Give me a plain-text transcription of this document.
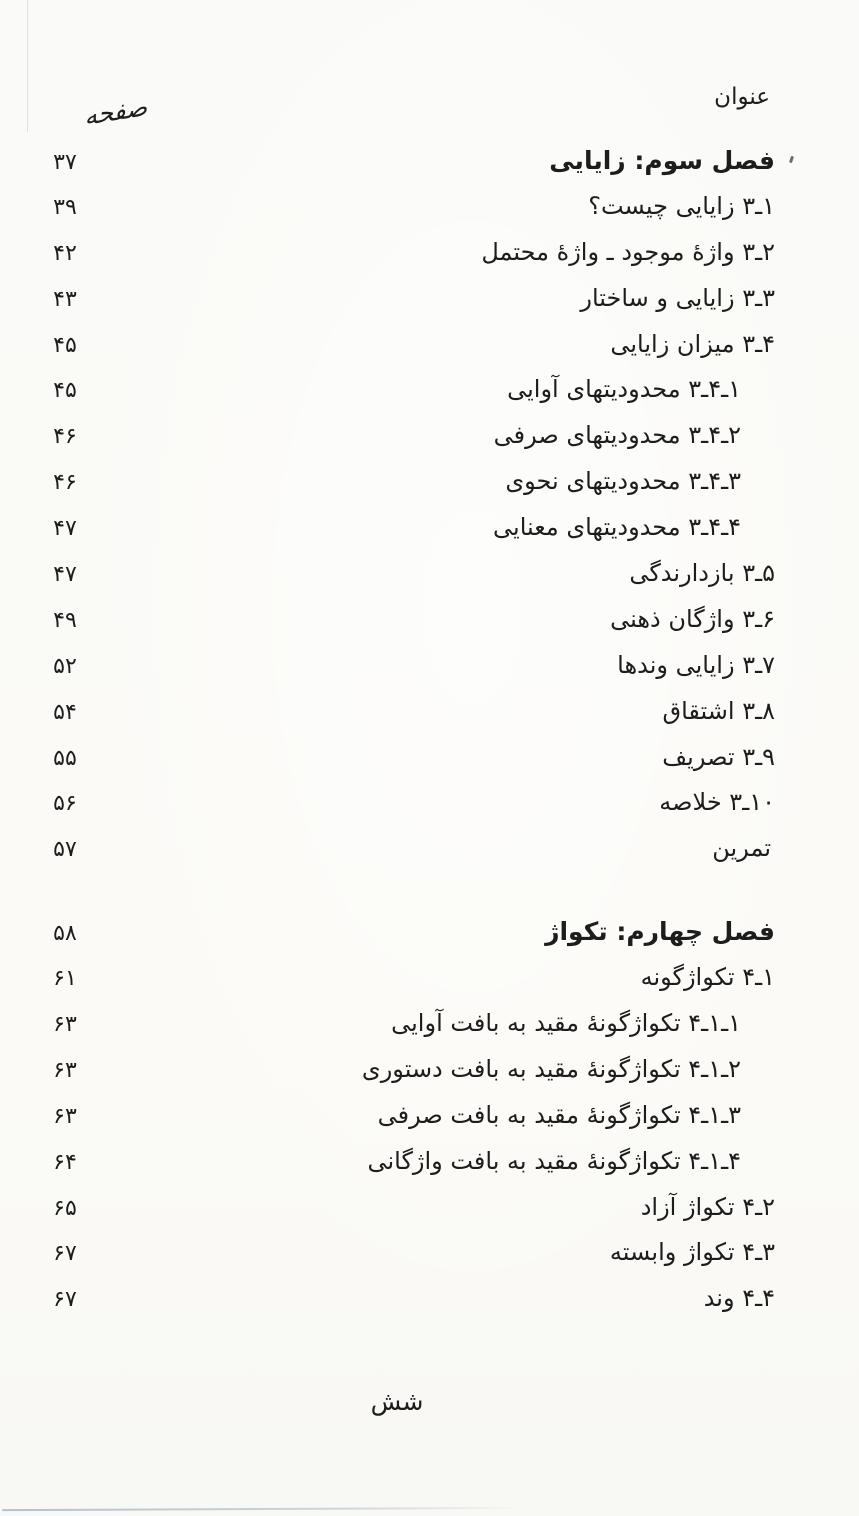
عنوان
صفحه
فصل سوم: زایایی
۳۷
۱ـ۳ زایایی چیست؟
۳۹
۲ـ۳ واژۀ موجود ـ واژۀ محتمل
۴۲
۳ـ۳ زایایی و ساختار
۴۳
۴ـ۳ میزان زایایی
۴۵
۱ـ۴ـ۳ محدودیتهای آوایی
۴۵
۲ـ۴ـ۳ محدودیتهای صرفی
۴۶
۳ـ۴ـ۳ محدودیتهای نحوی
۴۶
۴ـ۴ـ۳ محدودیتهای معنایی
۴۷
۵ـ۳ بازدارندگی
۴۷
۶ـ۳ واژگان ذهنی
۴۹
۷ـ۳ زایایی وندها
۵۲
۸ـ۳ اشتقاق
۵۴
۹ـ۳ تصریف
۵۵
۱۰ـ۳ خلاصه
۵۶
تمرین
۵۷
فصل چهارم: تکواژ
۵۸
۱ـ۴ تکواژگونه
۶۱
۱ـ۱ـ۴ تکواژگونۀ مقید به بافت آوایی
۶۳
۲ـ۱ـ۴ تکواژگونۀ مقید به بافت دستوری
۶۳
۳ـ۱ـ۴ تکواژگونۀ مقید به بافت صرفی
۶۳
۴ـ۱ـ۴ تکواژگونۀ مقید به بافت واژگانی
۶۴
۲ـ۴ تکواژ آزاد
۶۵
۳ـ۴ تکواژ وابسته
۶۷
۴ـ۴ وند
۶۷
شش
